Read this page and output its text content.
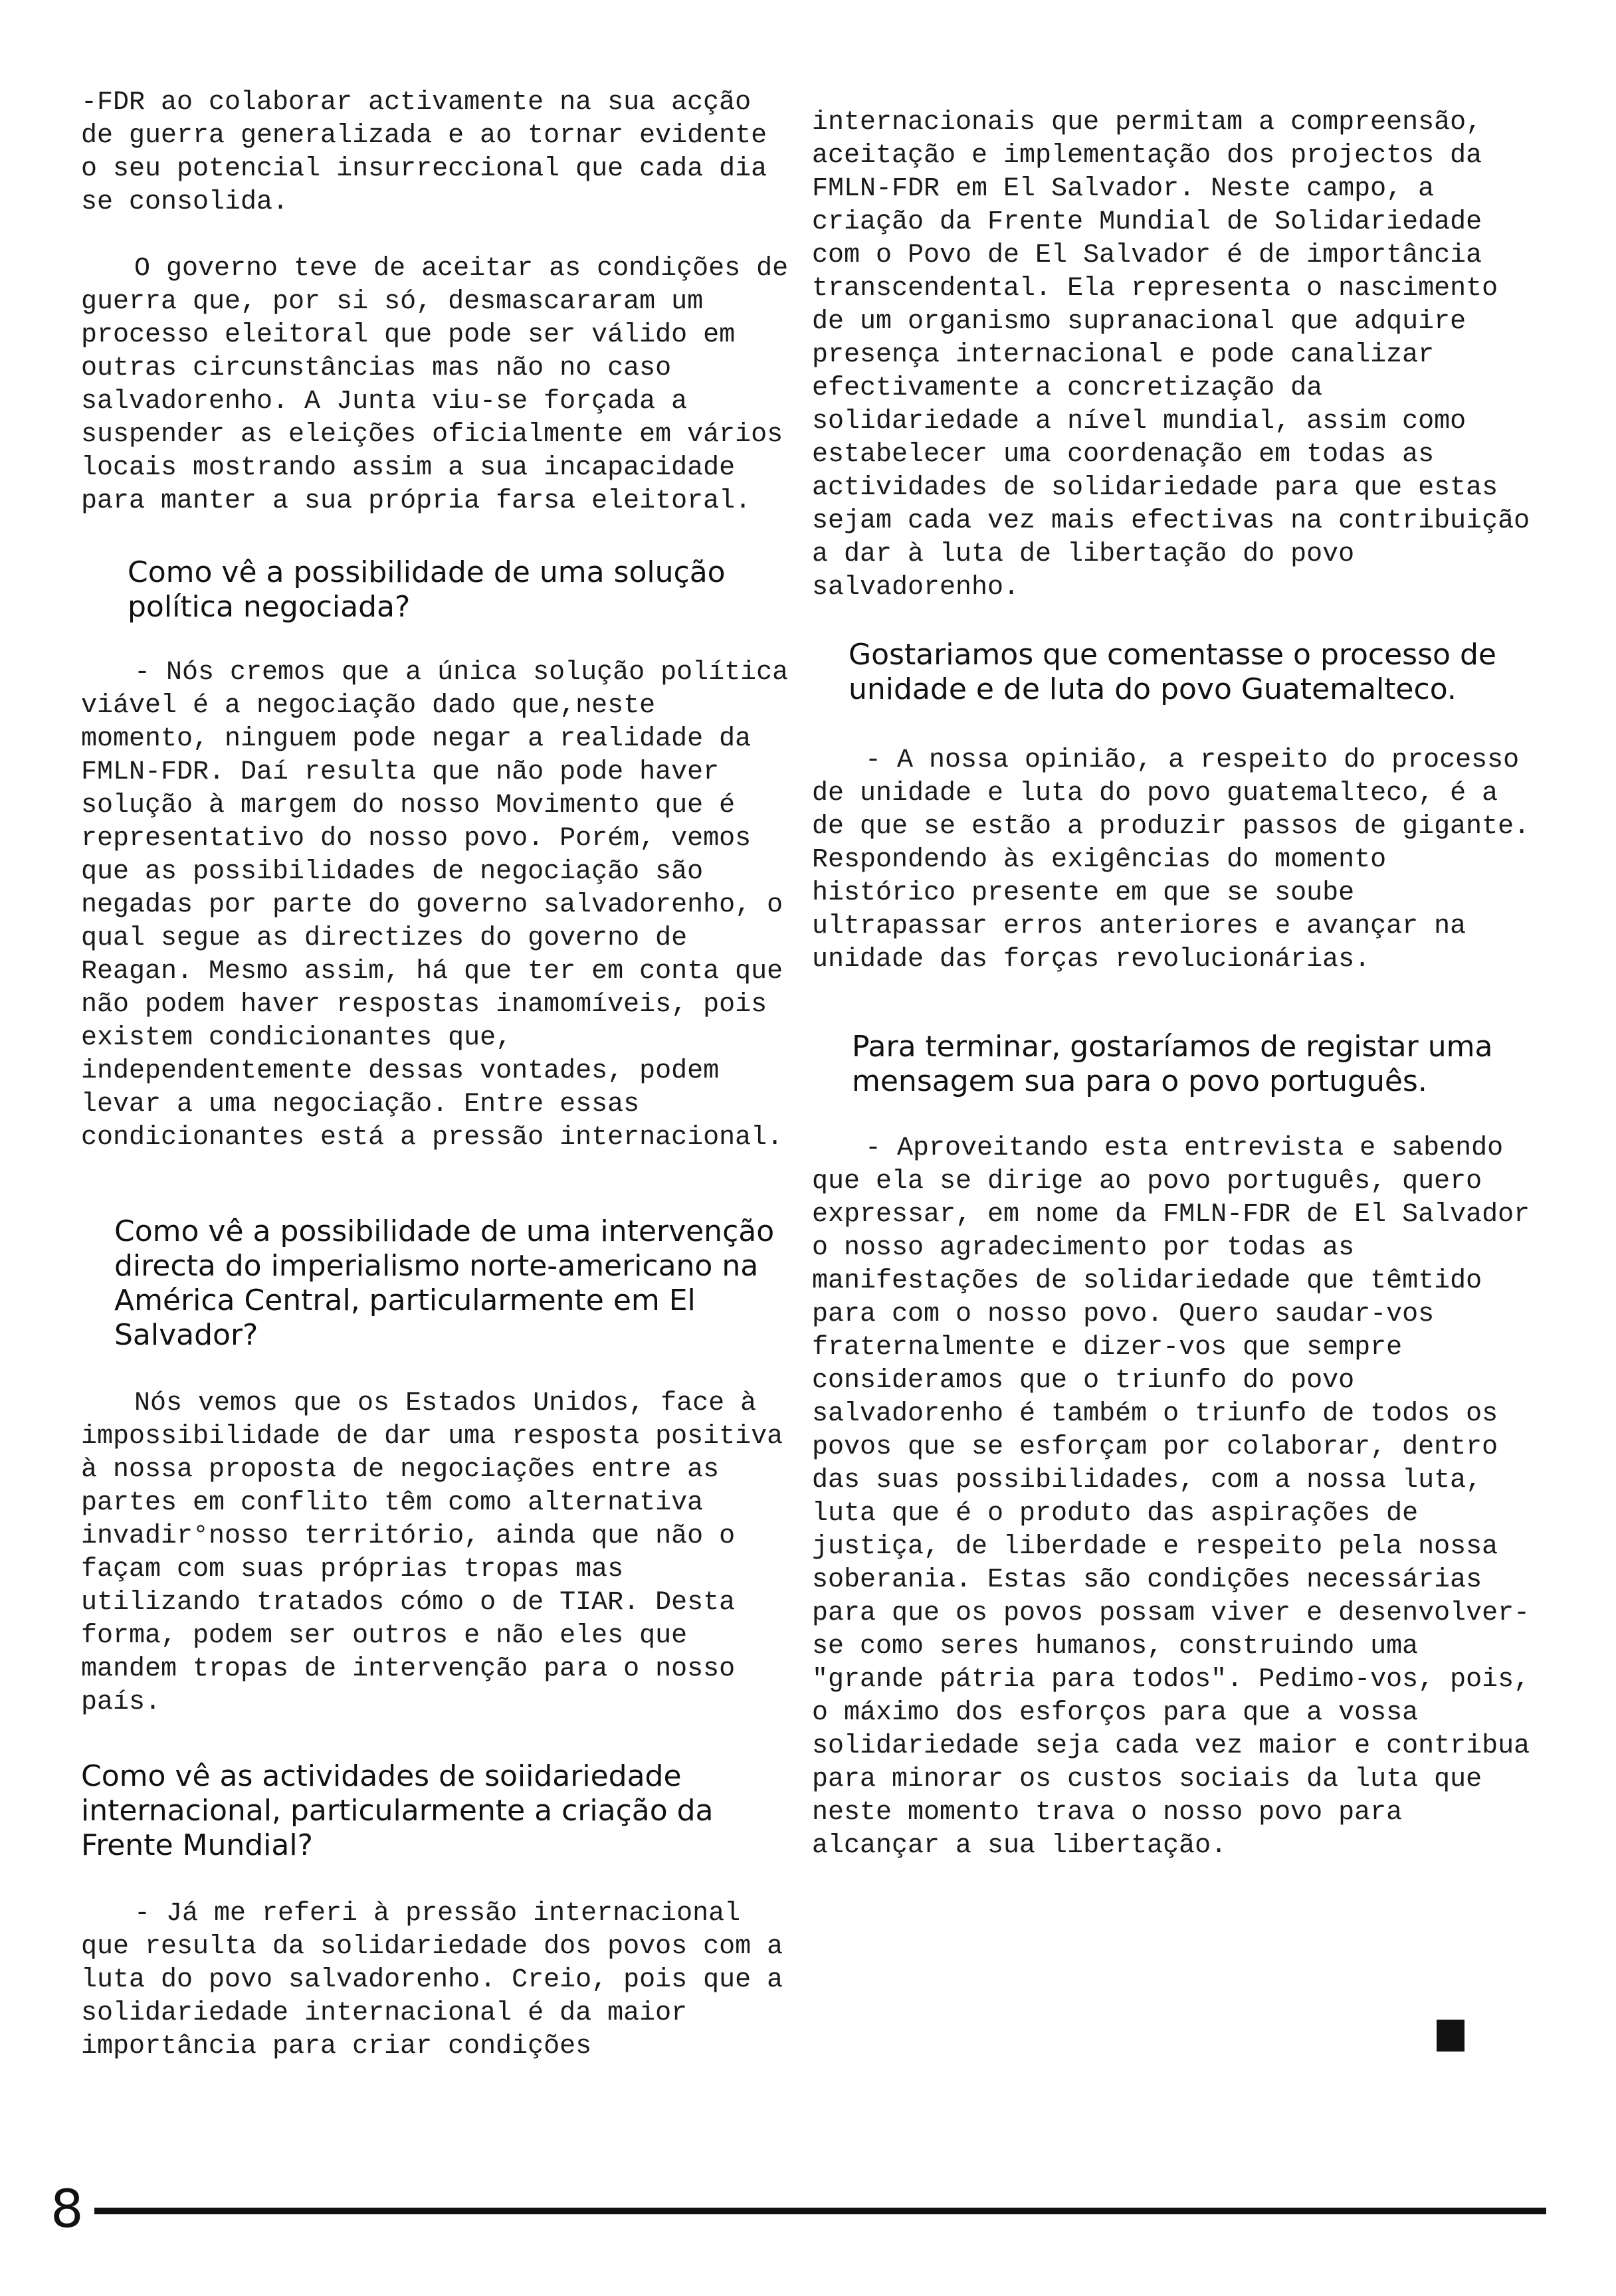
-FDR ao colaborar activamente na sua acção de guerra generalizada e ao tornar evidente o seu potencial insurreccional que cada dia se consolida.

O governo teve de aceitar as condições de guerra que, por si só, desmascararam um processo eleitoral que pode ser válido em outras circunstâncias mas não no caso salvadorenho. A Junta viu-se forçada a suspender as eleições oficialmente em vários locais mostrando assim a sua incapacidade para manter a sua própria farsa eleitoral.

Como vê a possibilidade de uma solução política negociada?

- Nós cremos que a única solução política viável é a negociação dado que,neste momento, ninguem pode negar a realidade da FMLN-FDR. Daí resulta que não pode haver solução à margem do nosso Movimento que é representativo do nosso povo. Porém, vemos que as possibilidades de negociação são negadas por parte do governo salvadorenho, o qual segue as directizes do governo de Reagan. Mesmo assim, há que ter em conta que não podem haver respostas inamomíveis, pois existem condicionantes que, independentemente dessas vontades, podem levar a uma negociação. Entre essas condicionantes está a pressão internacional.

Como vê a possibilidade de uma intervenção directa do imperialismo norte-americano na América Central, particularmente em El Salvador?

Nós vemos que os Estados Unidos, face à impossibilidade de dar uma resposta positiva à nossa proposta de negociações entre as partes em conflito têm como alternativa invadir°nosso território, ainda que não o façam com suas próprias tropas mas utilizando tratados cómo o de TIAR. Desta forma, podem ser outros e não eles que mandem tropas de intervenção para o nosso país.

Como vê as actividades de soiidariedade internacional, particularmente a criação da Frente Mundial?

- Já me referi à pressão internacional que resulta da solidariedade dos povos com a luta do povo salvadorenho. Creio, pois que a solidariedade internacional é da maior importância para criar condições

internacionais que permitam a compreensão, aceitação e implementação dos projectos da FMLN-FDR em El Salvador. Neste campo, a criação da Frente Mundial de Solidariedade com o Povo de El Salvador é de importância transcendental. Ela representa o nascimento de um organismo supranacional que adquire presença internacional e pode canalizar efectivamente a concretização da solidariedade a nível mundial, assim como estabelecer uma coordenação em todas as actividades de solidariedade para que estas sejam cada vez mais efectivas na contribuição a dar à luta de libertação do povo salvadorenho.

Gostariamos que comentasse o processo de unidade e de luta do povo Guatemalteco.

- A nossa opinião, a respeito do processo de unidade e luta do povo guatemalteco, é a de que se estão a produzir passos de gigante. Respondendo às exigências do momento histórico presente em que se soube ultrapassar erros anteriores e avançar na unidade das forças revolucionárias.

Para terminar, gostaríamos de registar uma mensagem sua para o povo português.

- Aproveitando esta entrevista e sabendo que ela se dirige ao povo português, quero expressar, em nome da FMLN-FDR de El Salvador o nosso agradecimento por todas as manifestações de solidariedade que têmtido para com o nosso povo. Quero saudar-vos fraternalmente e dizer-vos que sempre consideramos que o triunfo do povo salvadorenho é também o triunfo de todos os povos que se esforçam por colaborar, dentro das suas possibilidades, com a nossa luta, luta que é o produto das aspirações de justiça, de liberdade e respeito pela nossa soberania. Estas são condições necessárias para que os povos possam viver e desenvolver-se como seres humanos, construindo uma "grande pátria para todos". Pedimo-vos, pois, o máximo dos esforços para que a vossa solidariedade seja cada vez maior e contribua para minorar os custos sociais da luta que neste momento trava o nosso povo para alcançar a sua libertação.

8
